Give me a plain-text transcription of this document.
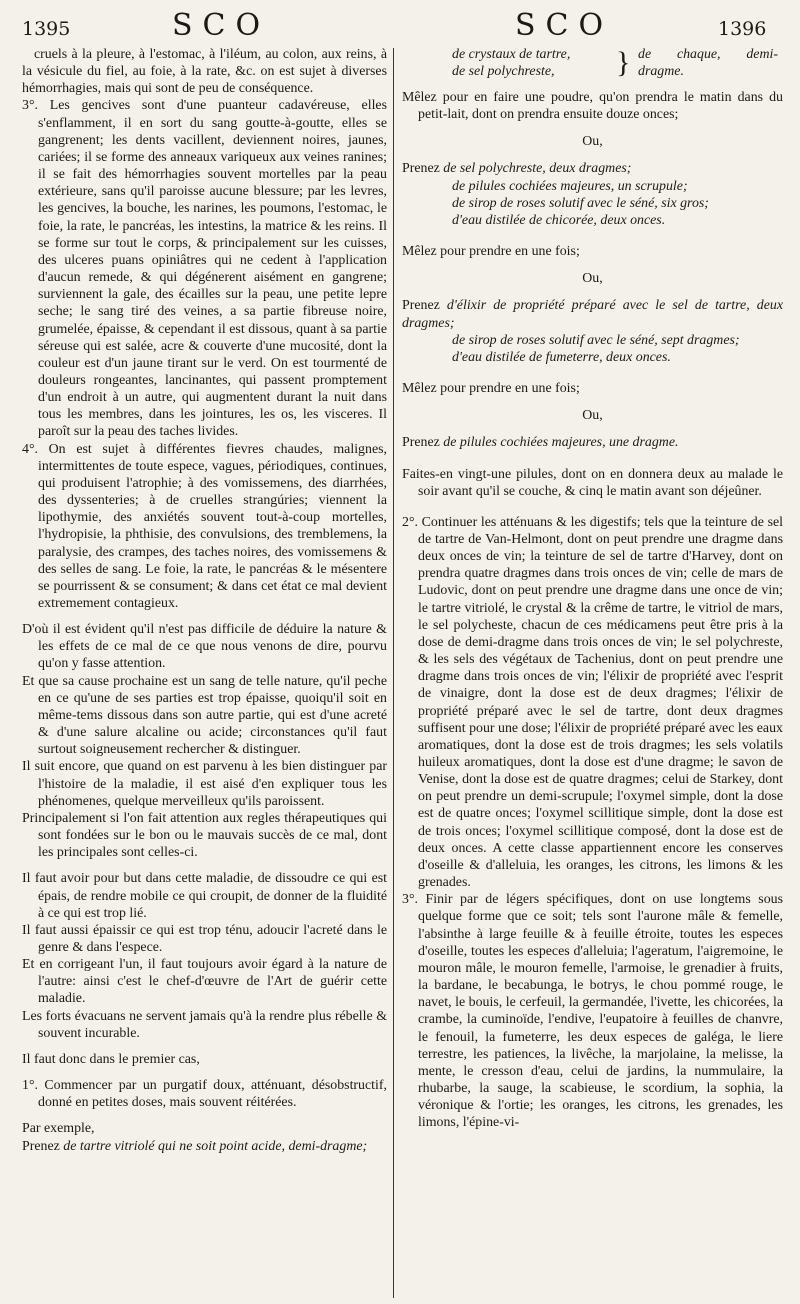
1395	SCO	SCO	1396

cruels à la pleure, à l'estomac, à l'iléum, au colon, aux reins, à la vésicule du fiel, au foie, à la rate, &c. on est sujet à diverses hémorrhagies, mais qui sont de peu de conséquence.

3°. Les gencives sont d'une puanteur cadavéreuse, elles s'enflamment, il en sort du sang goutte-à-goutte, elles se gangrenent; les dents vacillent, deviennent noires, jaunes, cariées; il se forme des anneaux variqueux aux veines ranines; il se fait des hémorrhagies souvent mortelles par la peau extérieure, sans qu'il paroisse aucune blessure; par les levres, les gencives, la bouche, les narines, les poumons, l'estomac, le foie, la rate, le pancréas, les intestins, la matrice & les reins. Il se forme sur tout le corps, & principalement sur les cuisses, des ulceres puans opiniâtres qui ne cedent à l'application d'aucun remede, & qui dégénerent aisément en gangrene; surviennent la gale, des écailles sur la peau, une petite lepre seche; le sang tiré des veines, a sa partie fibreuse noire, grumelée, épaisse, & cependant il est dissous, quant à sa partie séreuse qui est salée, acre & couverte d'une mucosité, dont la couleur est d'un jaune tirant sur le verd. On est tourmenté de douleurs rongeantes, lancinantes, qui passent promptement d'un endroit à un autre, qui augmentent durant la nuit dans tous les membres, dans les jointures, les os, les visceres. Il paroît sur la peau des taches livides.

4°. On est sujet à différentes fievres chaudes, malignes, intermittentes de toute espece, vagues, périodiques, continues, qui produisent l'atrophie; à des vomissemens, des diarrhées, des dyssenteries; à de cruelles strangúries; viennent la lipothymie, des anxiétés souvent tout-à-coup mortelles, l'hydropisie, la phthisie, des convulsions, des tremblemens, la paralysie, des crampes, des taches noires, des vomissemens & des selles de sang. Le foie, la rate, le pancréas & le mésentere se pourrissent & se consument; & dans cet état ce mal devient extremement contagieux.

D'où il est évident qu'il n'est pas difficile de déduire la nature & les effets de ce mal de ce que nous venons de dire, pourvu qu'on y fasse attention.

Et que sa cause prochaine est un sang de telle nature, qu'il peche en ce qu'une de ses parties est trop épaisse, quoiqu'il soit en même-tems dissous dans son autre partie, qui est d'une acreté & d'une salure alcaline ou acide; circonstances qu'il faut surtout soigneusement rechercher & distinguer.

Il suit encore, que quand on est parvenu à les bien distinguer par l'histoire de la maladie, il est aisé d'en expliquer tous les phénomenes, quelque merveilleux qu'ils paroissent.

Principalement si l'on fait attention aux regles thérapeutiques qui sont fondées sur le bon ou le mauvais succès de ce mal, dont les principales sont celles-ci.

Il faut avoir pour but dans cette maladie, de dissoudre ce qui est épais, de rendre mobile ce qui croupit, de donner de la fluidité à ce qui est trop lié.

Il faut aussi épaissir ce qui est trop ténu, adoucir l'acreté dans le genre & dans l'espece.

Et en corrigeant l'un, il faut toujours avoir égard à la nature de l'autre: ainsi c'est le chef-d'œuvre de l'Art de guérir cette maladie.

Les forts évacuans ne servent jamais qu'à la rendre plus rébelle & souvent incurable.

Il faut donc dans le premier cas,

1°. Commencer par un purgatif doux, atténuant, désobstructif, donné en petites doses, mais souvent réitérées.

Par exemple,

Prenez de tartre vitriolé qui ne soit point acide, demi-dragme;

de crystaux de tartre,
de sel polychreste, } de chaque, demi-dragme.

Mêlez pour en faire une poudre, qu'on prendra le matin dans du petit-lait, dont on prendra ensuite douze onces;

Ou,

Prenez de sel polychreste, deux dragmes;

de pilules cochiées majeures, un scrupule;

de sirop de roses solutif avec le séné, six gros;

d'eau distilée de chicorée, deux onces.

Mêlez pour prendre en une fois;

Ou,

Prenez d'élixir de propriété préparé avec le sel de tartre, deux dragmes;

de sirop de roses solutif avec le séné, sept dragmes;

d'eau distilée de fumeterre, deux onces.

Mêlez pour prendre en une fois;

Ou,

Prenez de pilules cochiées majeures, une dragme.

Faites-en vingt-une pilules, dont on en donnera deux au malade le soir avant qu'il se couche, & cinq le matin avant son déjeûner.

2°. Continuer les atténuans & les digestifs; tels que la teinture de sel de tartre de Van-Helmont, dont on peut prendre une dragme dans deux onces de vin; la teinture de sel de tartre d'Harvey, dont on prendra quatre dragmes dans trois onces de vin; celle de mars de Ludovic, dont on peut prendre une dragme dans une once de vin; le tartre vitriolé, le crystal & la crême de tartre, le vitriol de mars, le sel polycheste, chacun de ces médicamens peut être pris à la dose de demi-dragme dans trois onces de vin; le sel polychreste, & les sels des végétaux de Tachenius, dont on peut prendre une dragme dans trois onces de vin; l'élixir de propriété avec l'esprit de vinaigre, dont la dose est de deux dragmes; l'élixir de propriété préparé avec le sel de tartre, dont deux dragmes suffisent pour une dose; l'élixir de propriété préparé avec les eaux aromatiques, dont la dose est de trois dragmes; les sels volatils huileux aromatiques, dont la dose est d'une dragme; le savon de Venise, dont la dose est de quatre dragmes; celui de Starkey, dont on peut prendre un demi-scrupule; l'oxymel simple, dont la dose est de quatre onces; l'oxymel scillitique simple, dont la dose est de trois onces; l'oxymel scillitique composé, dont la dose est de deux onces. A cette classe appartiennent encore les conserves d'oseille & d'alleluia, les oranges, les citrons, les limons & les grenades.

3°. Finir par de légers spécifiques, dont on use longtems sous quelque forme que ce soit; tels sont l'aurone mâle & femelle, l'absinthe à large feuille & à feuille étroite, toutes les especes d'oseille, toutes les especes d'alleluia; l'ageratum, l'aigremoine, le mouron mâle, le mouron femelle, l'armoise, le grenadier à fruits, la bardane, le becabunga, le botrys, le chou pommé rouge, le navet, le bouis, le cerfeuil, la germandée, l'ivette, les chicorées, la crambe, la cuminoïde, l'endive, l'eupatoire à feuilles de chanvre, le fenouil, la fumeterre, les deux especes de galéga, le liere terrestre, les patiences, la livêche, la marjolaine, la melisse, la mente, le cresson d'eau, celui de jardins, la nummulaire, la rhubarbe, la sauge, la scabieuse, le scordium, la sophia, la véronique & l'ortie; les oranges, les citrons, les grenades, les limons, l'épine-vi-
